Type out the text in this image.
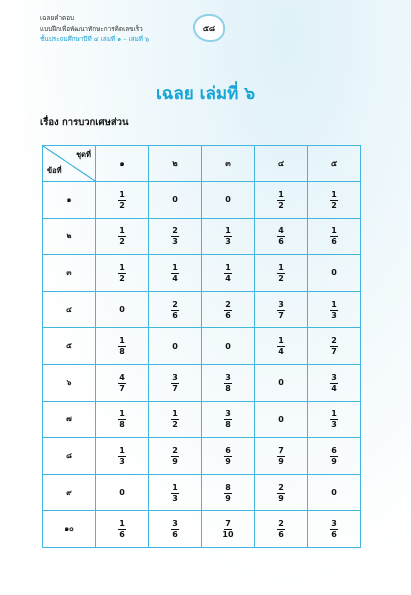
เฉลยคำตอบ
แบบฝึกเพื่อพัฒนาทักษะการคิดเลขเร็ว
ชั้นประถมศึกษาปีที่ ๔ เล่มที่ ๑ – เล่มที่ ๖
๕๘
เฉลย เล่มที่ ๖
เรื่อง การบวกเศษส่วน
ชุดที่
ข้อที่	๑	๒	๓	๔	๕
๑	$\frac{1}{2}$	0	0	$\frac{1}{2}$	$\frac{1}{2}$

๒	$\frac{1}{2}$	$\frac{2}{3}$	$\frac{1}{3}$	$\frac{4}{6}$	$\frac{1}{6}$

๓	$\frac{1}{2}$	$\frac{1}{4}$	$\frac{1}{4}$	$\frac{1}{2}$	0
๔	0	$\frac{2}{6}$	$\frac{2}{6}$	$\frac{3}{7}$	$\frac{1}{3}$

๕	$\frac{1}{8}$	0	0	$\frac{1}{4}$	$\frac{2}{7}$

๖	$\frac{4}{7}$	$\frac{3}{7}$	$\frac{3}{8}$	0	$\frac{3}{4}$

๗	$\frac{1}{8}$	$\frac{1}{2}$	$\frac{3}{8}$	0	$\frac{1}{3}$

๘	$\frac{1}{3}$	$\frac{2}{9}$	$\frac{6}{9}$	$\frac{7}{9}$	$\frac{6}{9}$

๙	0	$\frac{1}{3}$	$\frac{8}{9}$	$\frac{2}{9}$	0
๑๐	$\frac{1}{6}$	$\frac{3}{6}$	$\frac{7}{10}$	$\frac{2}{6}$	$\frac{3}{6}$
